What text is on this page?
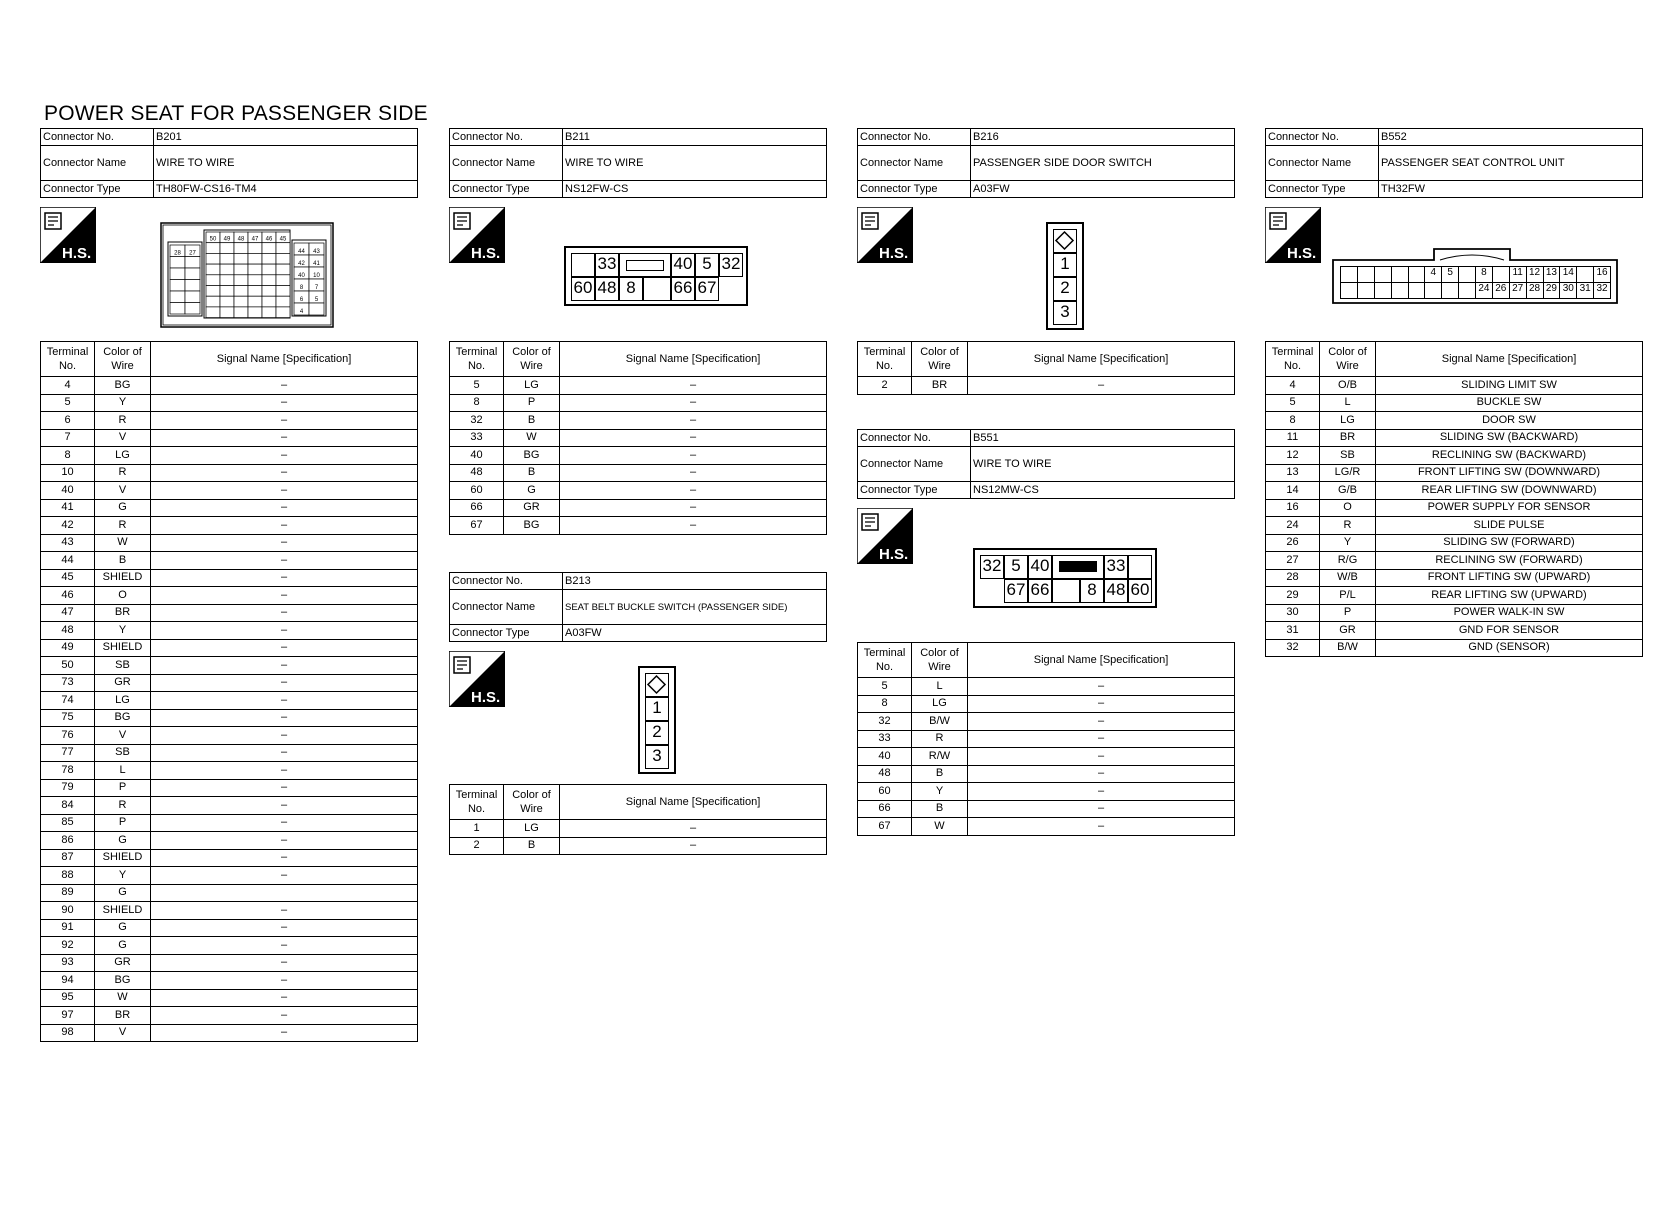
POWER SEAT FOR PASSENGER SIDE
Connector No.	B201
Connector Name	WIRE TO WIRE
Connector Type	TH80FW-CS16-TM4
H.S.	28 27
50 49 48 47 46 45
44 43
42 41
40 10
8 7
6 5
4
Terminal No.	Color of Wire	Signal Name [Specification]
4	BG	–
5	Y	–
6	R	–
7	V	–
8	LG	–
10	R	–
40	V	–
41	G	–
42	R	–
43	W	–
44	B	–
45	SHIELD	–
46	O	–
47	BR	–
48	Y	–
49	SHIELD	–
50	SB	–
73	GR	–
74	LG	–
75	BG	–
76	V	–
77	SB	–
78	L	–
79	P	–
84	R	–
85	P	–
86	G	–
87	SHIELD	–
88	Y	–
89	G	
90	SHIELD	–
91	G	–
92	G	–
93	GR	–
94	BG	–
95	W	–
97	BR	–
98	V	–
Connector No.	B211
Connector Name	WIRE TO WIRE
Connector Type	NS12FW-CS
H.S.
33	40 5 32
60 48 8	66 67
Terminal No.	Color of Wire	Signal Name [Specification]
5	LG	–
8	P	–
32	B	–
33	W	–
40	BG	–
48	B	–
60	G	–
66	GR	–
67	BG	–
Connector No.	B213
Connector Name	SEAT BELT BUCKLE SWITCH (PASSENGER SIDE)
Connector Type	A03FW
H.S.
1
2
3
Terminal No.	Color of Wire	Signal Name [Specification]
1	LG	–
2	B	–
Connector No.	B216
Connector Name	PASSENGER SIDE DOOR SWITCH
Connector Type	A03FW
H.S.
1
2
3
Terminal No.	Color of Wire	Signal Name [Specification]
2	BR	–
Connector No.	B551
Connector Name	WIRE TO WIRE
Connector Type	NS12MW-CS
H.S.
32 5 40	33
67 66	8 48 60
Terminal No.	Color of Wire	Signal Name [Specification]
5	L	–
8	LG	–
32	B/W	–
33	R	–
40	R/W	–
48	B	–
60	Y	–
66	B	–
67	W	–
Connector No.	B552
Connector Name	PASSENGER SEAT CONTROL UNIT
Connector Type	TH32FW
H.S.
4	5	8	11 12 13 14	16
24 26 27 28 29 30 31 32
Terminal No.	Color of Wire	Signal Name [Specification]
4	O/B	SLIDING LIMIT SW
5	L	BUCKLE SW
8	LG	DOOR SW
11	BR	SLIDING SW (BACKWARD)
12	SB	RECLINING SW (BACKWARD)
13	LG/R	FRONT LIFTING SW (DOWNWARD)
14	G/B	REAR LIFTING SW (DOWNWARD)
16	O	POWER SUPPLY FOR SENSOR
24	R	SLIDE PULSE
26	Y	SLIDING SW (FORWARD)
27	R/G	RECLINING SW (FORWARD)
28	W/B	FRONT LIFTING SW (UPWARD)
29	P/L	REAR LIFTING SW (UPWARD)
30	P	POWER WALK-IN SW
31	GR	GND FOR SENSOR
32	B/W	GND (SENSOR)
